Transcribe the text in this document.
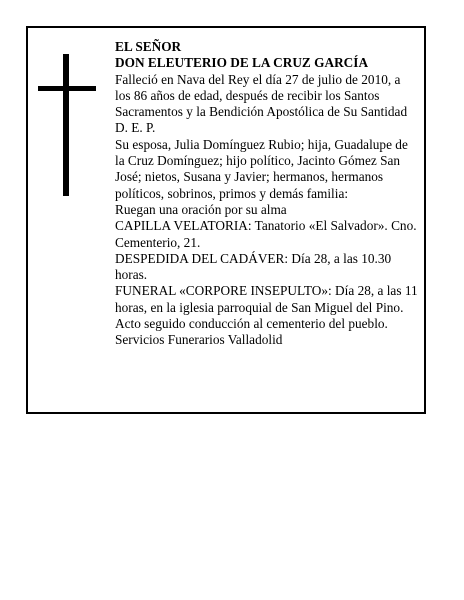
EL SEÑOR

DON ELEUTERIO DE LA CRUZ GARCÍA

Falleció en Nava del Rey el día 27 de julio de 2010, a

los 86 años de edad, después de recibir los Santos

Sacramentos y la Bendición Apostólica de Su Santidad

D. E. P.

Su esposa, Julia Domínguez Rubio; hija, Guadalupe de

la Cruz Domínguez; hijo político, Jacinto Gómez San

José; nietos, Susana y Javier; hermanos, hermanos

políticos, sobrinos, primos y demás familia:

Ruegan una oración por su alma

CAPILLA VELATORIA: Tanatorio «El Salvador». Cno.

Cementerio, 21.

DESPEDIDA DEL CADÁVER: Día 28, a las 10.30

horas.

FUNERAL «CORPORE INSEPULTO»: Día 28, a las 11

horas, en la iglesia parroquial de San Miguel del Pino.

Acto seguido conducción al cementerio del pueblo.

Servicios Funerarios Valladolid
